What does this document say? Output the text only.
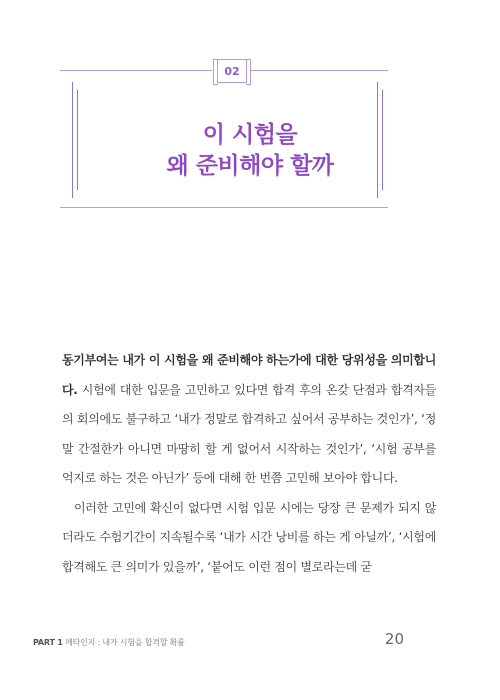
02
이 시험을
왜 준비해야 할까

동기부여는 내가 이 시험을 왜 준비해야 하는가에 대한 당위성을 의미합니다. 시험에 대한 입문을 고민하고 있다면 합격 후의 온갖 단점과 합격자들의 회의에도 불구하고 ‘내가 정말로 합격하고 싶어서 공부하는 것인가’, ‘정말 간절한가 아니면 마땅히 할 게 없어서 시작하는 것인가’, ‘시험 공부를 억지로 하는 것은 아닌가’ 등에 대해 한 번쯤 고민해 보아야 합니다.

이러한 고민에 확신이 없다면 시험 입문 시에는 당장 큰 문제가 되지 않더라도 수험기간이 지속될수록 ‘내가 시간 낭비를 하는 게 아닐까’, ‘시험에 합격해도 큰 의미가 있을까’, ‘붙어도 이런 점이 별로라는데 굳

PART 1 메타인지 : 내가 시험을 합격할 확률	20
